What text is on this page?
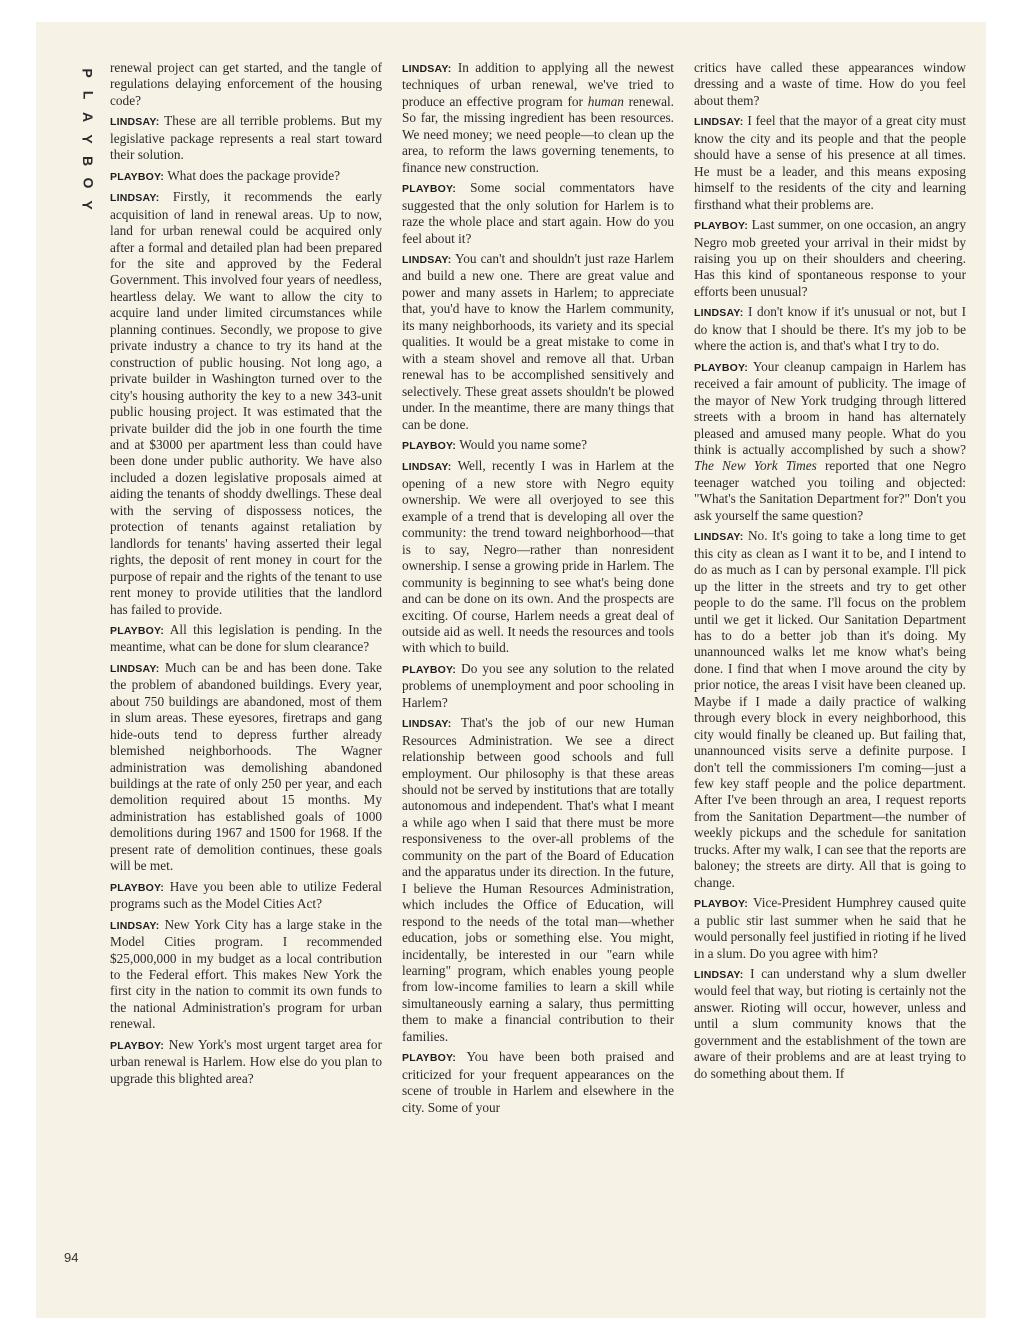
P
L
A
Y
B
O
Y
94

renewal project can get started, and the tangle of regulations delaying enforcement of the housing code?

LINDSAY: These are all terrible problems. But my legislative package represents a real start toward their solution.

PLAYBOY: What does the package provide?

LINDSAY: Firstly, it recommends the early acquisition of land in renewal areas. Up to now, land for urban renewal could be acquired only after a formal and detailed plan had been prepared for the site and approved by the Federal Government. This involved four years of needless, heartless delay. We want to allow the city to acquire land under limited circumstances while planning continues. Secondly, we propose to give private industry a chance to try its hand at the construction of public housing. Not long ago, a private builder in Washington turned over to the city's housing authority the key to a new 343-unit public housing project. It was estimated that the private builder did the job in one fourth the time and at $3000 per apartment less than could have been done under public authority. We have also included a dozen legislative proposals aimed at aiding the tenants of shoddy dwellings. These deal with the serving of dispossess notices, the protection of tenants against retaliation by landlords for tenants' having asserted their legal rights, the deposit of rent money in court for the purpose of repair and the rights of the tenant to use rent money to provide utilities that the landlord has failed to provide.

PLAYBOY: All this legislation is pending. In the meantime, what can be done for slum clearance?

LINDSAY: Much can be and has been done. Take the problem of abandoned buildings. Every year, about 750 buildings are abandoned, most of them in slum areas. These eyesores, firetraps and gang hide-outs tend to depress further already blemished neighborhoods. The Wagner administration was demolishing abandoned buildings at the rate of only 250 per year, and each demolition required about 15 months. My administration has established goals of 1000 demolitions during 1967 and 1500 for 1968. If the present rate of demolition continues, these goals will be met.

PLAYBOY: Have you been able to utilize Federal programs such as the Model Cities Act?

LINDSAY: New York City has a large stake in the Model Cities program. I recommended $25,000,000 in my budget as a local contribution to the Federal effort. This makes New York the first city in the nation to commit its own funds to the national Administration's program for urban renewal.

PLAYBOY: New York's most urgent target area for urban renewal is Harlem. How else do you plan to upgrade this blighted area?

LINDSAY: In addition to applying all the newest techniques of urban renewal, we've tried to produce an effective program for human renewal. So far, the missing ingredient has been resources. We need money; we need people—to clean up the area, to reform the laws governing tenements, to finance new construction.

PLAYBOY: Some social commentators have suggested that the only solution for Harlem is to raze the whole place and start again. How do you feel about it?

LINDSAY: You can't and shouldn't just raze Harlem and build a new one. There are great value and power and many assets in Harlem; to appreciate that, you'd have to know the Harlem community, its many neighborhoods, its variety and its special qualities. It would be a great mistake to come in with a steam shovel and remove all that. Urban renewal has to be accomplished sensitively and selectively. These great assets shouldn't be plowed under. In the meantime, there are many things that can be done.

PLAYBOY: Would you name some?

LINDSAY: Well, recently I was in Harlem at the opening of a new store with Negro equity ownership. We were all overjoyed to see this example of a trend that is developing all over the community: the trend toward neighborhood—that is to say, Negro—rather than nonresident ownership. I sense a growing pride in Harlem. The community is beginning to see what's being done and can be done on its own. And the prospects are exciting. Of course, Harlem needs a great deal of outside aid as well. It needs the resources and tools with which to build.

PLAYBOY: Do you see any solution to the related problems of unemployment and poor schooling in Harlem?

LINDSAY: That's the job of our new Human Resources Administration. We see a direct relationship between good schools and full employment. Our philosophy is that these areas should not be served by institutions that are totally autonomous and independent. That's what I meant a while ago when I said that there must be more responsiveness to the over-all problems of the community on the part of the Board of Education and the apparatus under its direction. In the future, I believe the Human Resources Administration, which includes the Office of Education, will respond to the needs of the total man—whether education, jobs or something else. You might, incidentally, be interested in our "earn while learning" program, which enables young people from low-income families to learn a skill while simultaneously earning a salary, thus permitting them to make a financial contribution to their families.

PLAYBOY: You have been both praised and criticized for your frequent appearances on the scene of trouble in Harlem and elsewhere in the city. Some of your

critics have called these appearances window dressing and a waste of time. How do you feel about them?

LINDSAY: I feel that the mayor of a great city must know the city and its people and that the people should have a sense of his presence at all times. He must be a leader, and this means exposing himself to the residents of the city and learning firsthand what their problems are.

PLAYBOY: Last summer, on one occasion, an angry Negro mob greeted your arrival in their midst by raising you up on their shoulders and cheering. Has this kind of spontaneous response to your efforts been unusual?

LINDSAY: I don't know if it's unusual or not, but I do know that I should be there. It's my job to be where the action is, and that's what I try to do.

PLAYBOY: Your cleanup campaign in Harlem has received a fair amount of publicity. The image of the mayor of New York trudging through littered streets with a broom in hand has alternately pleased and amused many people. What do you think is actually accomplished by such a show? The New York Times reported that one Negro teenager watched you toiling and objected: "What's the Sanitation Department for?" Don't you ask yourself the same question?

LINDSAY: No. It's going to take a long time to get this city as clean as I want it to be, and I intend to do as much as I can by personal example. I'll pick up the litter in the streets and try to get other people to do the same. I'll focus on the problem until we get it licked. Our Sanitation Department has to do a better job than it's doing. My unannounced walks let me know what's being done. I find that when I move around the city by prior notice, the areas I visit have been cleaned up. Maybe if I made a daily practice of walking through every block in every neighborhood, this city would finally be cleaned up. But failing that, unannounced visits serve a definite purpose. I don't tell the commissioners I'm coming—just a few key staff people and the police department. After I've been through an area, I request reports from the Sanitation Department—the number of weekly pickups and the schedule for sanitation trucks. After my walk, I can see that the reports are baloney; the streets are dirty. All that is going to change.

PLAYBOY: Vice-President Humphrey caused quite a public stir last summer when he said that he would personally feel justified in rioting if he lived in a slum. Do you agree with him?

LINDSAY: I can understand why a slum dweller would feel that way, but rioting is certainly not the answer. Rioting will occur, however, unless and until a slum community knows that the government and the establishment of the town are aware of their problems and are at least trying to do something about them. If
